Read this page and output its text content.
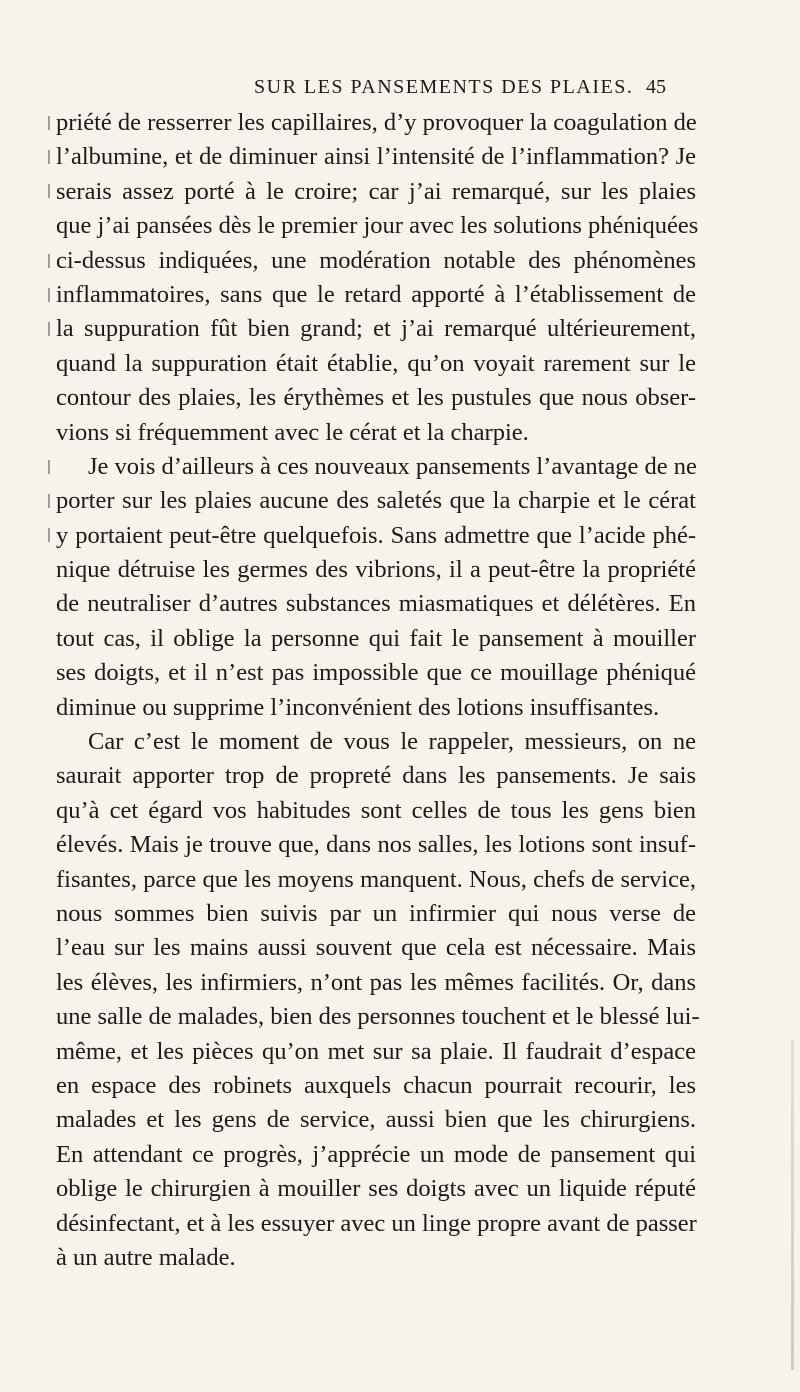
SUR LES PANSEMENTS DES PLAIES. 45
priété de resserrer les capillaires, d’y provoquer la coagulation de
l’albumine, et de diminuer ainsi l’intensité de l’inflammation? Je
serais assez porté à le croire; car j’ai remarqué, sur les plaies
que j’ai pansées dès le premier jour avec les solutions phéniquées
ci-dessus indiquées, une modération notable des phénomènes
inflammatoires, sans que le retard apporté à l’établissement de
la suppuration fût bien grand; et j’ai remarqué ultérieurement,
quand la suppuration était établie, qu’on voyait rarement sur le
contour des plaies, les érythèmes et les pustules que nous obser-
vions si fréquemment avec le cérat et la charpie.
Je vois d’ailleurs à ces nouveaux pansements l’avantage de ne
porter sur les plaies aucune des saletés que la charpie et le cérat
y portaient peut-être quelquefois. Sans admettre que l’acide phé-
nique détruise les germes des vibrions, il a peut-être la propriété
de neutraliser d’autres substances miasmatiques et délétères. En
tout cas, il oblige la personne qui fait le pansement à mouiller
ses doigts, et il n’est pas impossible que ce mouillage phéniqué
diminue ou supprime l’inconvénient des lotions insuffisantes.
Car c’est le moment de vous le rappeler, messieurs, on ne
saurait apporter trop de propreté dans les pansements. Je sais
qu’à cet égard vos habitudes sont celles de tous les gens bien
élevés. Mais je trouve que, dans nos salles, les lotions sont insuf-
fisantes, parce que les moyens manquent. Nous, chefs de service,
nous sommes bien suivis par un infirmier qui nous verse de
l’eau sur les mains aussi souvent que cela est nécessaire. Mais
les élèves, les infirmiers, n’ont pas les mêmes facilités. Or, dans
une salle de malades, bien des personnes touchent et le blessé lui-
même, et les pièces qu’on met sur sa plaie. Il faudrait d’espace
en espace des robinets auxquels chacun pourrait recourir, les
malades et les gens de service, aussi bien que les chirurgiens.
En attendant ce progrès, j’apprécie un mode de pansement qui
oblige le chirurgien à mouiller ses doigts avec un liquide réputé
désinfectant, et à les essuyer avec un linge propre avant de passer
à un autre malade.
